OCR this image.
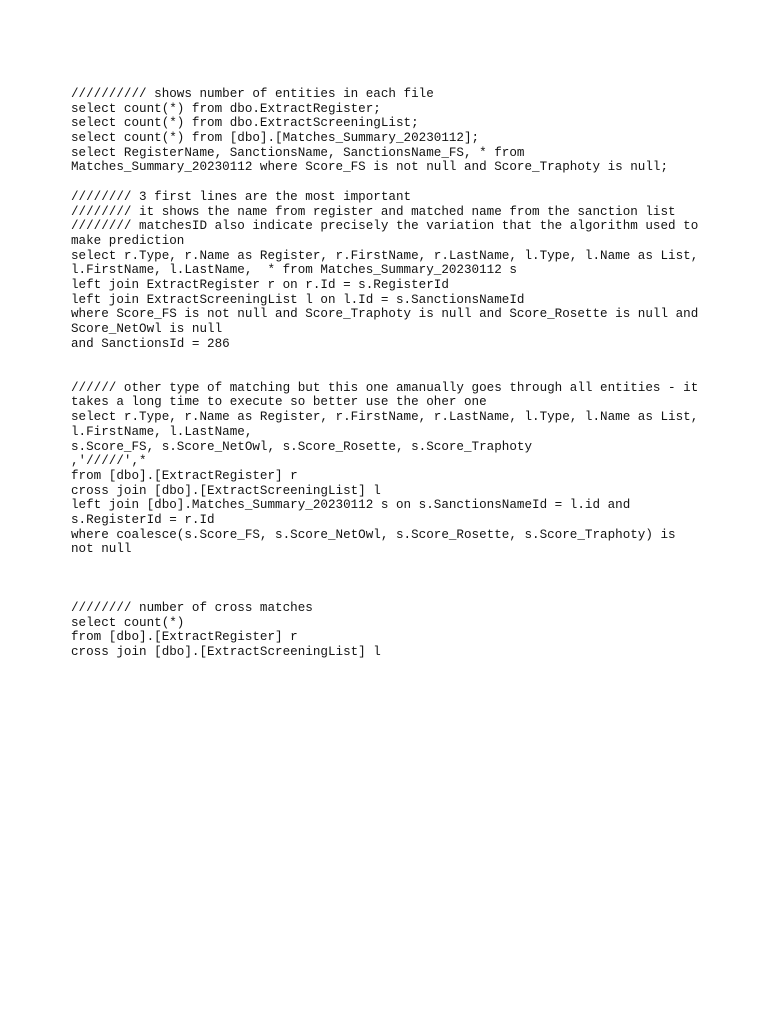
////////// shows number of entities in each file
select count(*) from dbo.ExtractRegister;
select count(*) from dbo.ExtractScreeningList;
select count(*) from [dbo].[Matches_Summary_20230112];
select RegisterName, SanctionsName, SanctionsName_FS, * from
Matches_Summary_20230112 where Score_FS is not null and Score_Traphoty is null;
//////// 3 first lines are the most important
//////// it shows the name from register and matched name from the sanction list
//////// matchesID also indicate precisely the variation that the algorithm used to
make prediction
select r.Type, r.Name as Register, r.FirstName, r.LastName, l.Type, l.Name as List,
l.FirstName, l.LastName,  * from Matches_Summary_20230112 s
left join ExtractRegister r on r.Id = s.RegisterId
left join ExtractScreeningList l on l.Id = s.SanctionsNameId
where Score_FS is not null and Score_Traphoty is null and Score_Rosette is null and
Score_NetOwl is null
and SanctionsId = 286
////// other type of matching but this one amanually goes through all entities - it
takes a long time to execute so better use the oher one
select r.Type, r.Name as Register, r.FirstName, r.LastName, l.Type, l.Name as List,
l.FirstName, l.LastName,
s.Score_FS, s.Score_NetOwl, s.Score_Rosette, s.Score_Traphoty
,'/////',*
from [dbo].[ExtractRegister] r
cross join [dbo].[ExtractScreeningList] l
left join [dbo].Matches_Summary_20230112 s on s.SanctionsNameId = l.id and
s.RegisterId = r.Id
where coalesce(s.Score_FS, s.Score_NetOwl, s.Score_Rosette, s.Score_Traphoty) is
not null
//////// number of cross matches
select count(*)
from [dbo].[ExtractRegister] r
cross join [dbo].[ExtractScreeningList] l
